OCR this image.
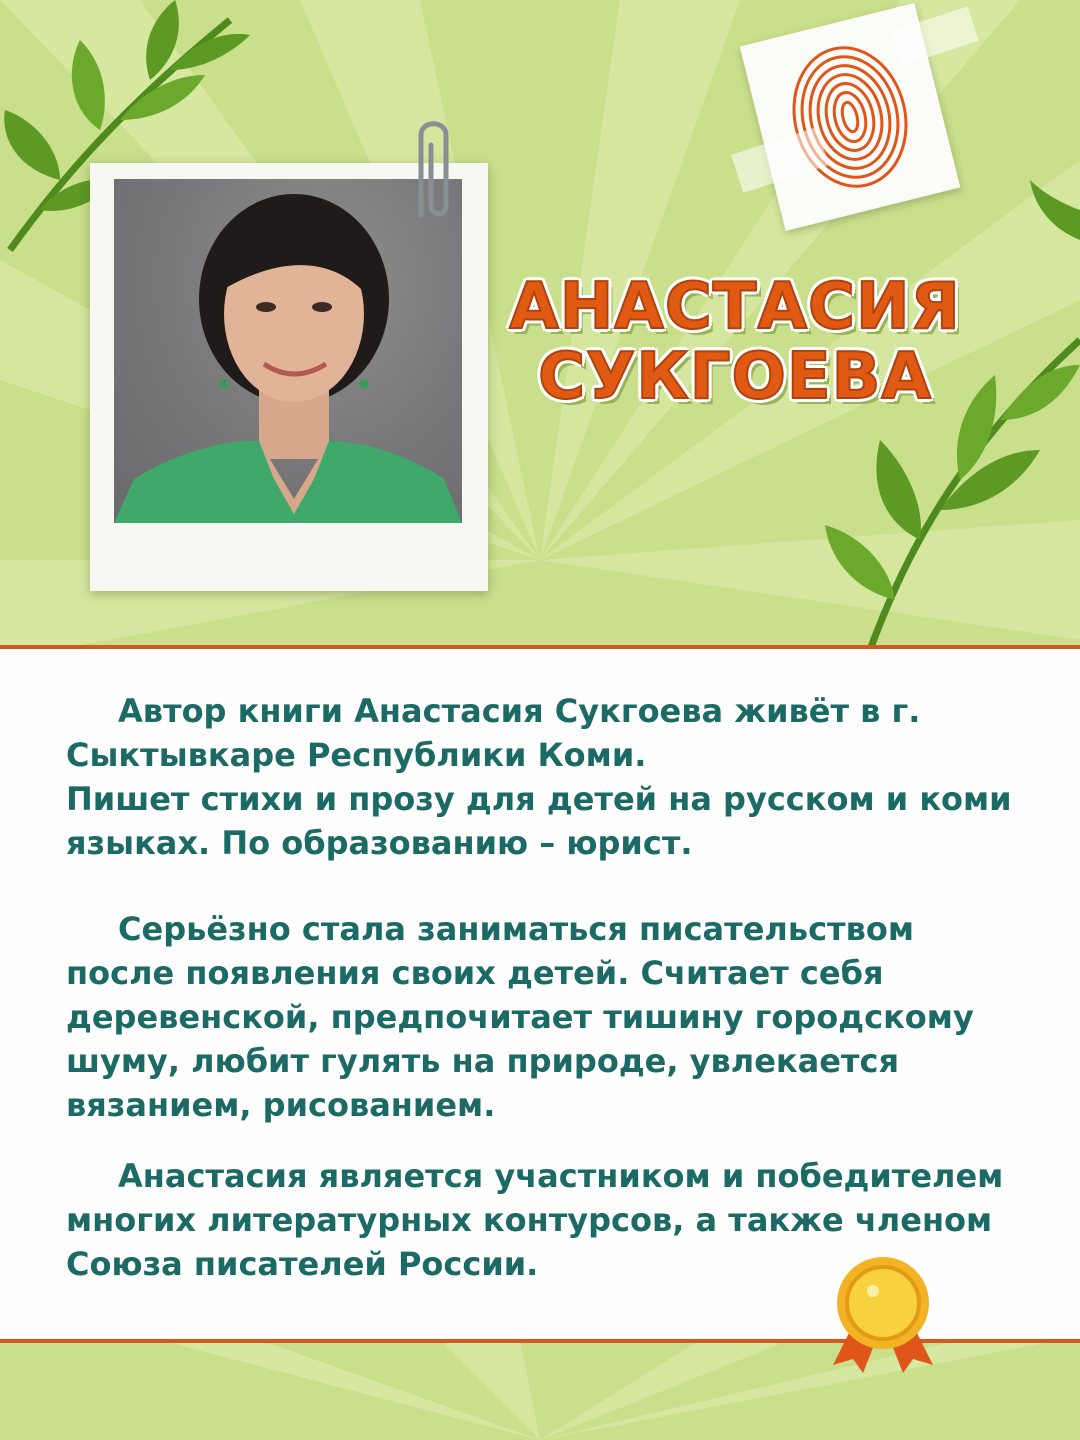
АНАСТАСИЯ
СУКГОЕВА
Автор книги Анастасия Сукгоева живёт в г.
Сыктывкаре Республики Коми.
Пишет стихи и прозу для детей на русском и коми
языках. По образованию – юрист.
Серьёзно стала заниматься писательством
после появления своих детей. Считает себя
деревенской, предпочитает тишину городскому
шуму, любит гулять на природе, увлекается
вязанием, рисованием.
Анастасия является участником и победителем
многих литературных контурсов, а также членом
Союза писателей России.
